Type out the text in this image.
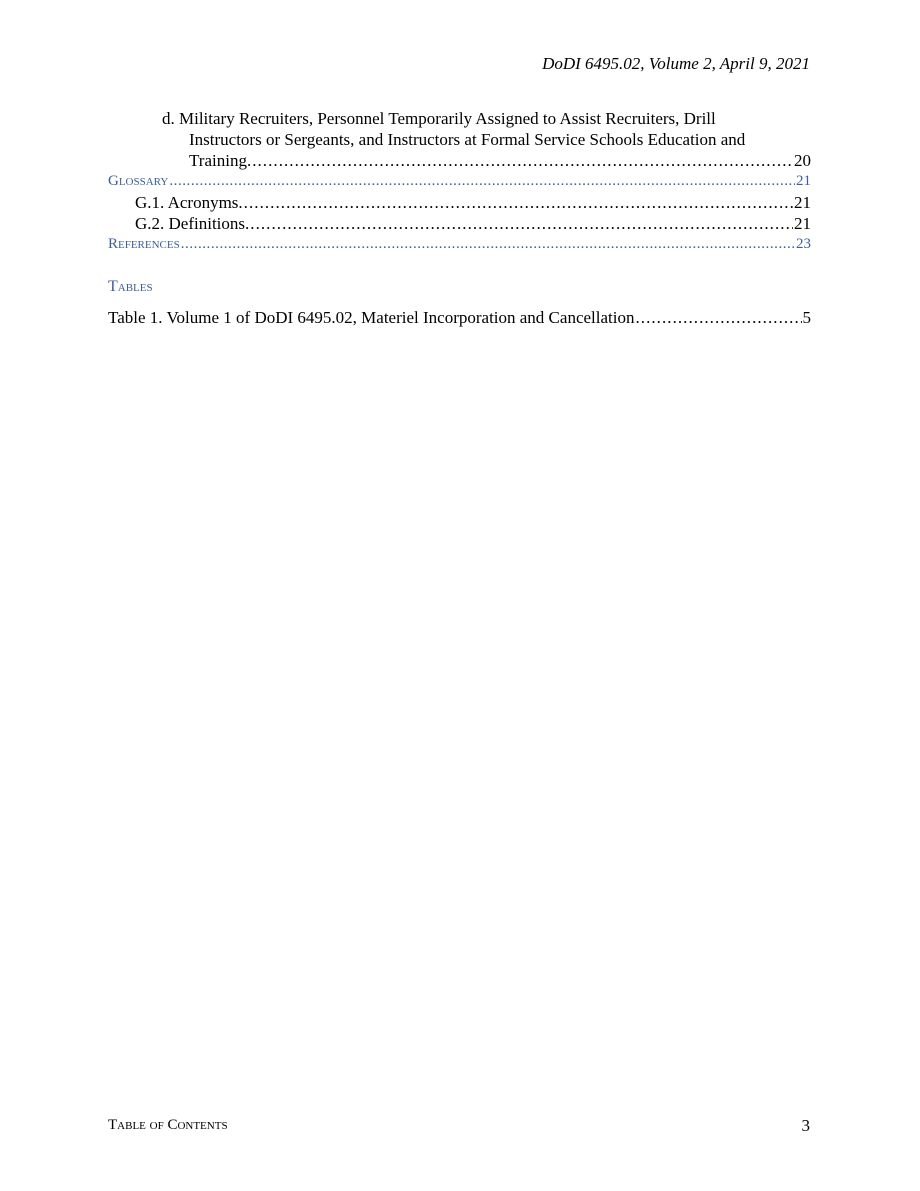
DoDI 6495.02, Volume 2, April 9, 2021
d. Military Recruiters, Personnel Temporarily Assigned to Assist Recruiters, Drill
Instructors or Sergeants, and Instructors at Formal Service Schools Education and
Training. . . .	20
Glossary . . .	21
G.1. Acronyms. . . .	21
G.2. Definitions. . . .	21
References . . .	23
Tables
Table 1. Volume 1 of DoDI 6495.02, Materiel Incorporation and Cancellation . . .	5
Table of Contents	3
